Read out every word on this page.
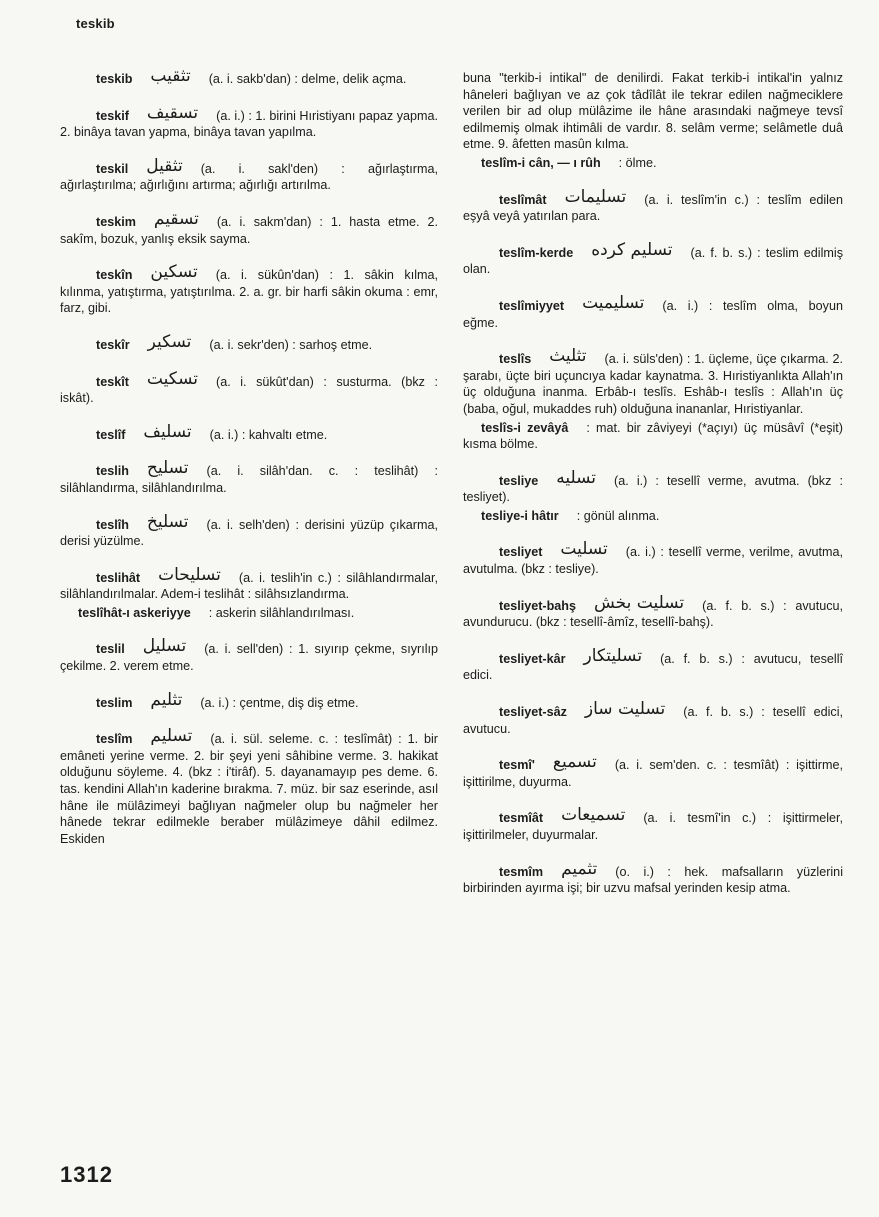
teskib

teskib تثقیب (a. i. sakb'dan) : delme, delik açma.

teskif تسقیف (a. i.) : 1. birini Hıristiyanı papaz yapma. 2. binâya tavan yapma, binâya tavan yapılma.

teskil تثقیل (a. i. sakl'den) : ağırlaştırma, ağırlaştırılma; ağırlığını artırma; ağırlığı artırılma.

teskim تسقیم (a. i. sakm'dan) : 1. hasta etme. 2. sakîm, bozuk, yanlış eksik sayma.

teskîn تسکین (a. i. sükûn'dan) : 1. sâkin kılma, kılınma, yatıştırma, yatıştırılma. 2. a. gr. bir harfi sâkin okuma : emr, farz, gibi.

teskîr تسکیر (a. i. sekr'den) : sarhoş etme.

teskît تسکیت (a. i. sükût'dan) : susturma. (bkz : iskât).

teslîf تسلیف (a. i.) : kahvaltı etme.

teslih تسلیح (a. i. silâh'dan. c. : teslihât) : silâhlandırma, silâhlandırılma.

teslîh تسلیخ (a. i. selh'den) : derisini yüzüp çıkarma, derisi yüzülme.

teslihât تسلیحات (a. i. teslih'in c.) : silâhlandırmalar, silâhlandırılmalar. Adem-i teslihât : silâhsızlandırma.

teslîhât-ı askeriyye : askerin silâhlandırılması.

teslil تسلیل (a. i. sell'den) : 1. sıyırıp çekme, sıyrılıp çekilme. 2. verem etme.

teslim تثلیم (a. i.) : çentme, diş diş etme.

teslîm تسلیم (a. i. sül. seleme. c. : teslîmât) : 1. bir emâneti yerine verme. 2. bir şeyi yeni sâhibine verme. 3. hakikat olduğunu söyleme. 4. (bkz : i'tirâf). 5. dayanamayıp pes deme. 6. tas. kendini Allah'ın kaderine bırakma. 7. müz. bir saz eserinde, asıl hâne ile mülâzimeyi bağlıyan nağmeler olup bu nağmeler her hânede tekrar edilmekle beraber mülâzimeye dâhil edilmez. Eskiden

buna "terkib-i intikal" de denilirdi. Fakat terkib-i intikal'in yalnız hâneleri bağlıyan ve az çok tâdîlât ile tekrar edilen nağmeciklere verilen bir ad olup mülâzime ile hâne arasındaki nağmeye tevsî edilmemiş olmak ihtimâli de vardır. 8. selâm verme; selâmetle duâ etme. 9. âfetten masûn kılma.

teslîm-i cân, — ı rûh : ölme.

teslîmât تسلیمات (a. i. teslîm'in c.) : teslîm edilen eşyâ veyâ yatırılan para.

teslîm-kerde تسلیم کرده (a. f. b. s.) : teslim edilmiş olan.

teslîmiyyet تسلیمیت (a. i.) : teslîm olma, boyun eğme.

teslîs تثلیث (a. i. süls'den) : 1. üçleme, üçe çıkarma. 2. şarabı, üçte biri uçuncıya kadar kaynatma. 3. Hıristiyanlıkta Allah'ın üç olduğuna inanma. Erbâb-ı teslîs. Eshâb-ı teslîs : Allah'ın üç (baba, oğul, mukaddes ruh) olduğuna inananlar, Hıristiyanlar.

teslîs-i zevâyâ : mat. bir zâviyeyi (*açıyı) üç müsâvî (*eşit) kısma bölme.

tesliye تسلیه (a. i.) : tesellî verme, avutma. (bkz : tesliyet).

tesliye-i hâtır : gönül alınma.

tesliyet تسلیت (a. i.) : tesellî verme, verilme, avutma, avutulma. (bkz : tesliye).

tesliyet-bahş تسلیت بخش (a. f. b. s.) : avutucu, avundurucu. (bkz : tesellî-âmîz, tesellî-bahş).

tesliyet-kâr تسلیتکار (a. f. b. s.) : avutucu, tesellî edici.

tesliyet-sâz تسلیت ساز (a. f. b. s.) : tesellî edici, avutucu.

tesmî' تسمیع (a. i. sem'den. c. : tesmîât) : işittirme, işittirilme, duyurma.

tesmîât تسمیعات (a. i. tesmî'in c.) : işittirmeler, işittirilmeler, duyurmalar.

tesmîm تثمیم (o. i.) : hek. mafsalların yüzlerini birbirinden ayırma işi; bir uzvu mafsal yerinden kesip atma.

1312
